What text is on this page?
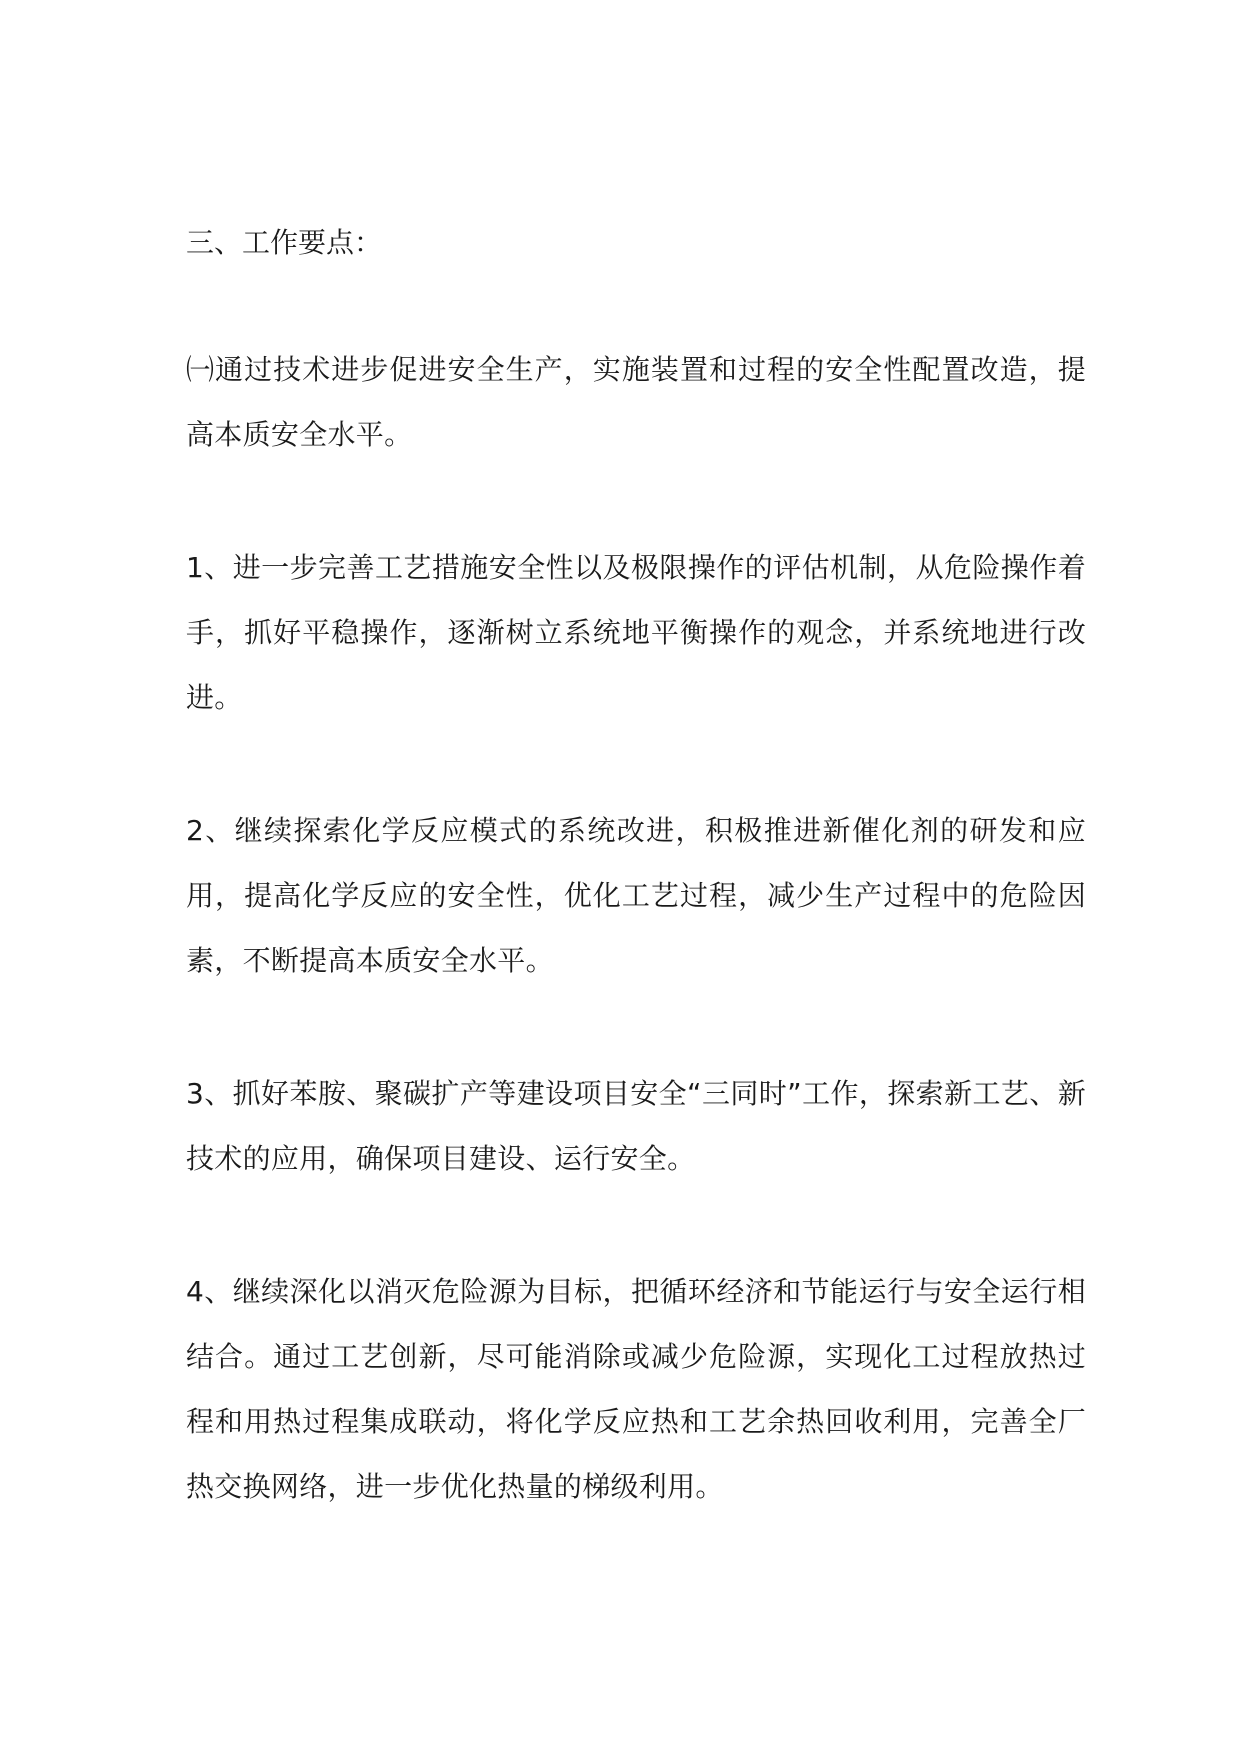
三、工作要点：

㈠通过技术进步促进安全生产，实施装置和过程的安全性配置改造，提高本质安全水平。

1、进一步完善工艺措施安全性以及极限操作的评估机制，从危险操作着手，抓好平稳操作，逐渐树立系统地平衡操作的观念，并系统地进行改进。

2、继续探索化学反应模式的系统改进，积极推进新催化剂的研发和应用，提高化学反应的安全性，优化工艺过程，减少生产过程中的危险因素，不断提高本质安全水平。

3、抓好苯胺、聚碳扩产等建设项目安全“三同时”工作，探索新工艺、新技术的应用，确保项目建设、运行安全。

4、继续深化以消灭危险源为目标，把循环经济和节能运行与安全运行相结合。通过工艺创新，尽可能消除或减少危险源，实现化工过程放热过程和用热过程集成联动，将化学反应热和工艺余热回收利用，完善全厂热交换网络，进一步优化热量的梯级利用。
